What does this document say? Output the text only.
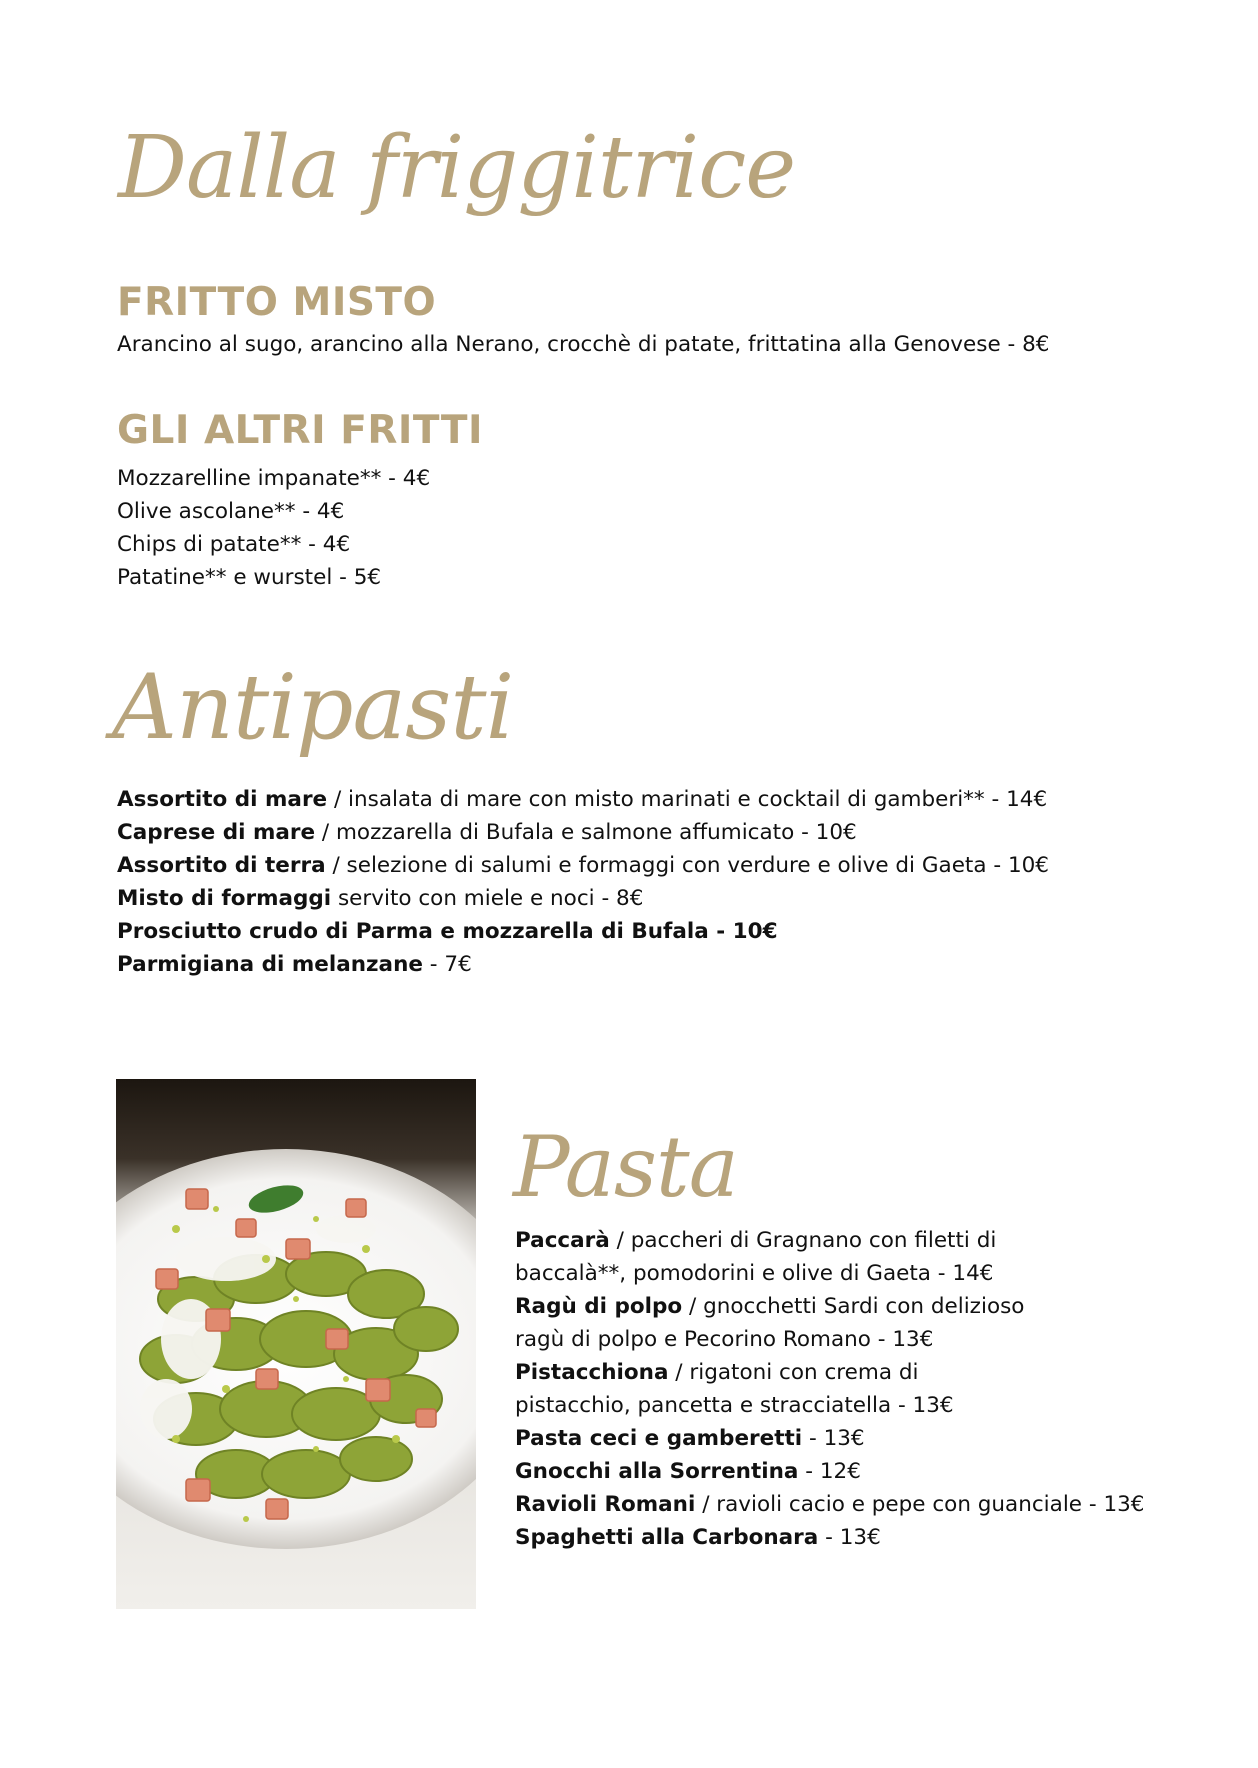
Dalla friggitrice
FRITTO MISTO
Arancino al sugo, arancino alla Nerano, crocchè di patate, frittatina alla Genovese - 8€
GLI ALTRI FRITTI
Mozzarelline impanate** - 4€
Olive ascolane** - 4€
Chips di patate** - 4€
Patatine** e wurstel - 5€
Antipasti
Assortito di mare / insalata di mare con misto marinati e cocktail di gamberi** - 14€
Caprese di mare / mozzarella di Bufala e salmone affumicato - 10€
Assortito di terra / selezione di salumi e formaggi con verdure e olive di Gaeta - 10€
Misto di formaggi servito con miele e noci - 8€
Prosciutto crudo di Parma e mozzarella di Bufala - 10€
Parmigiana di melanzane - 7€
Pasta
Paccarà / paccheri di Gragnano con filetti di
baccalà**, pomodorini e olive di Gaeta - 14€
Ragù di polpo / gnocchetti Sardi con delizioso
ragù di polpo e Pecorino Romano - 13€
Pistacchiona / rigatoni con crema di
pistacchio, pancetta e stracciatella - 13€
Pasta ceci e gamberetti - 13€
Gnocchi alla Sorrentina - 12€
Ravioli Romani / ravioli cacio e pepe con guanciale - 13€
Spaghetti alla Carbonara - 13€
